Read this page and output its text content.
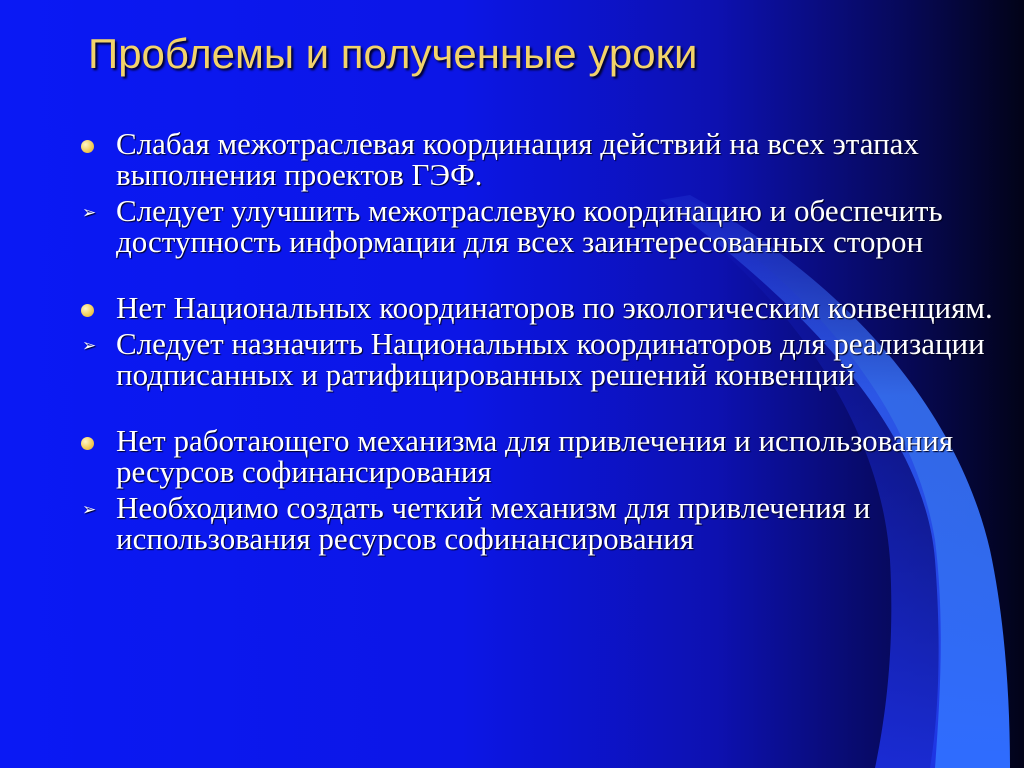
Проблемы и полученные уроки
Слабая межотраслевая координация действий на всех этапах выполнения проектов ГЭФ.
➢ Следует улучшить межотраслевую координацию и обеспечить доступность информации для всех заинтересованных сторон
Нет Национальных координаторов по экологическим конвенциям.
➢ Следует назначить Национальных координаторов для реализации подписанных и ратифицированных решений конвенций
Нет работающего механизма для привлечения и использования ресурсов софинансирования
➢ Необходимо создать четкий механизм для привлечения и использования ресурсов софинансирования
